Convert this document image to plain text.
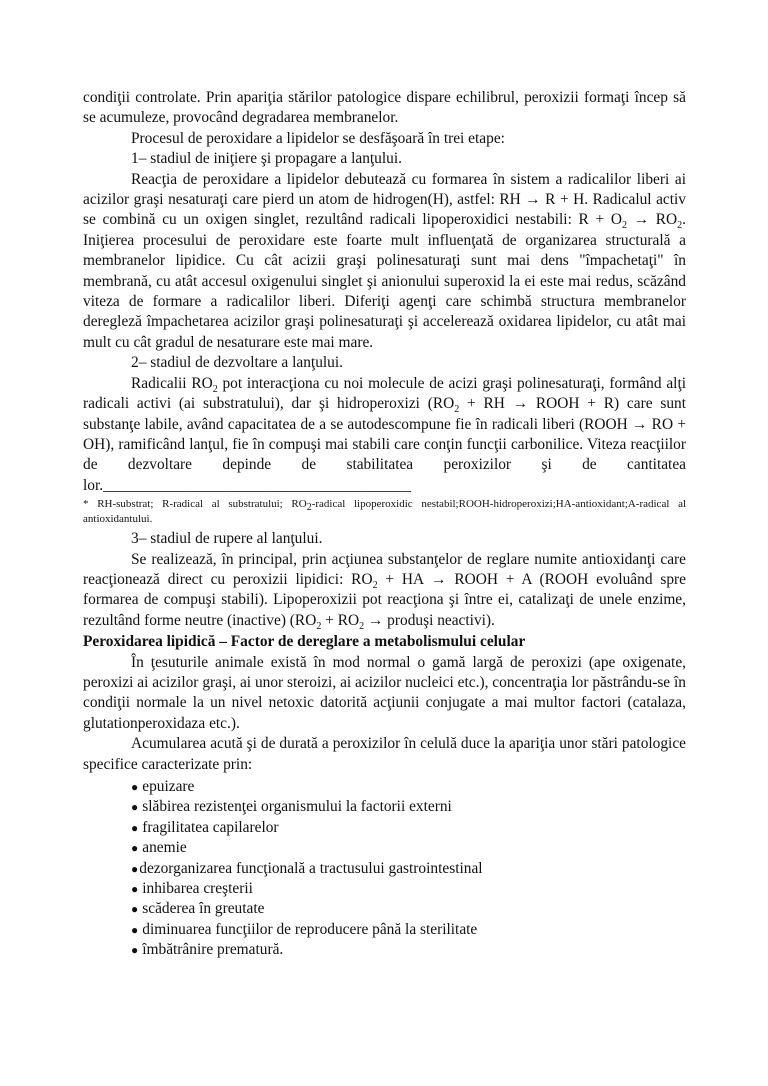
condiţii controlate. Prin apariţia stărilor patologice dispare echilibrul, peroxizii formaţi încep să se acumuleze, provocând degradarea membranelor.

Procesul de peroxidare a lipidelor se desfăşoară în trei etape:

1– stadiul de iniţiere şi propagare a lanţului.

Reacţia de peroxidare a lipidelor debutează cu formarea în sistem a radicalilor liberi ai acizilor graşi nesaturaţi care pierd un atom de hidrogen(H), astfel: RH → R + H. Radicalul activ se combină cu un oxigen singlet, rezultând radicali lipoperoxidici nestabili: $R + O_2 \to RO_2$. Iniţierea procesului de peroxidare este foarte mult influenţată de organizarea structurală a membranelor lipidice. Cu cât acizii graşi polinesaturaţi sunt mai dens "împachetaţi" în membrană, cu atât accesul oxigenului singlet şi anionului superoxid la ei este mai redus, scăzând viteza de formare a radicalilor liberi. Diferiţi agenţi care schimbă structura membranelor deregleză împachetarea acizilor graşi polinesaturaţi şi accelerează oxidarea lipidelor, cu atât mai mult cu cât gradul de nesaturare este mai mare.

2– stadiul de dezvoltare a lanţului.

Radicalii $RO_2$ pot interacţiona cu noi molecule de acizi graşi polinesaturaţi, formând alţi radicali activi (ai substratului), dar şi hidroperoxizi ($RO_2$ + RH → ROOH + R) care sunt substanţe labile, având capacitatea de a se autodescompune fie în radicali liberi (ROOH → RO + OH), ramificând lanţul, fie în compuşi mai stabili care conţin funcţii carbonilice. Viteza reacţiilor de dezvoltare depinde de stabilitatea peroxizilor şi de cantitatea lor.________________________________________

* RH-substrat; R-radical al substratului; $RO_2$-radical lipoperoxidic nestabil;ROOH-hidroperoxizi;HA-antioxidant;A-radical al antioxidantului.

3– stadiul de rupere al lanţului.

Se realizează, în principal, prin acţiunea substanţelor de reglare numite antioxidanţi care reacţionează direct cu peroxizii lipidici: $RO_2$ + HA → ROOH + A (ROOH evoluând spre formarea de compuşi stabili). Lipoperoxizii pot reacţiona şi între ei, catalizaţi de unele enzime, rezultând forme neutre (inactive) ($RO_2 + RO_2$ → produşi neactivi).

Peroxidarea lipidică – Factor de dereglare a metabolismului celular

În ţesuturile animale există în mod normal o gamă largă de peroxizi (ape oxigenate, peroxizi ai acizilor graşi, ai unor steroizi, ai acizilor nucleici etc.), concentraţia lor păstrându-se în condiţii normale la un nivel netoxic datorită acţiunii conjugate a mai multor factori (catalaza, glutationperoxidaza etc.).

Acumularea acută şi de durată a peroxizilor în celulă duce la apariţia unor stări patologice specifice caracterizate prin:

● epuizare
● slăbirea rezistenţei organismului la factorii externi
● fragilitatea capilarelor
● anemie
●dezorganizarea funcţională a tractusului gastrointestinal
● inhibarea creşterii
● scăderea în greutate
● diminuarea funcţiilor de reproducere până la sterilitate
● îmbătrânire prematură.
